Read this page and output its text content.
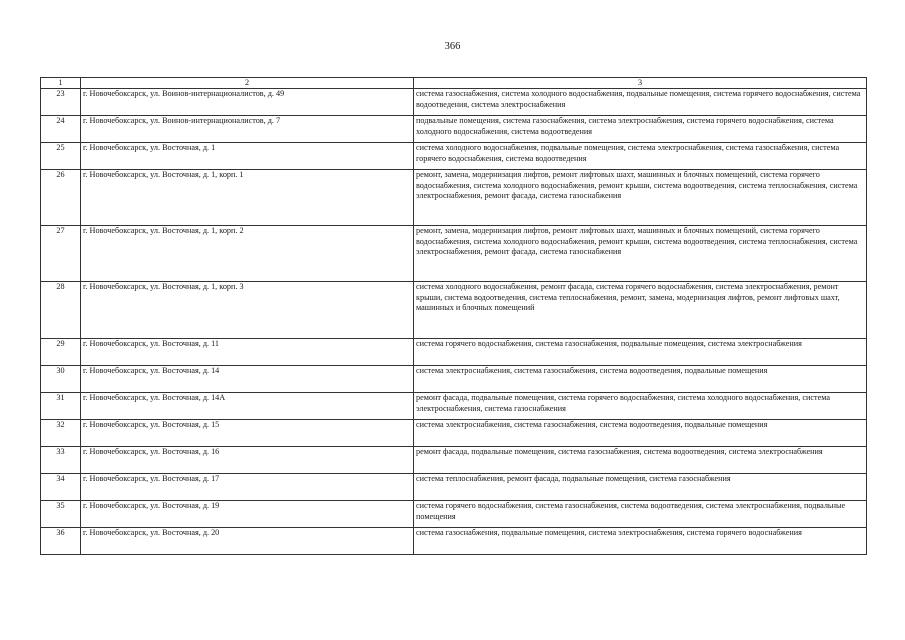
366
1	2	3
23	г. Новочебоксарск, ул. Воинов-интернационалистов, д. 49	система газоснабжения, система холодного водоснабжения, подвальные помещения, система горячего водоснабжения, система водоотведения, система электроснабжения
24	г. Новочебоксарск, ул. Воинов-интернационалистов, д. 7	подвальные помещения, система газоснабжения, система электроснабжения, система горячего водоснабжения, система холодного водоснабжения, система водоотведения
25	г. Новочебоксарск, ул. Восточная, д. 1	система холодного водоснабжения, подвальные помещения, система электроснабжения, система газоснабжения, система горячего водоснабжения, система водоотведения
26	г. Новочебоксарск, ул. Восточная, д. 1, корп. 1	ремонт, замена, модернизация лифтов, ремонт лифтовых шахт, машинных и блочных помещений, система горячего водоснабжения, система холодного водоснабжения, ремонт крыши, система водоотведения, система теплоснабжения, система электроснабжения, ремонт фасада, система газоснабжения
27	г. Новочебоксарск, ул. Восточная, д. 1, корп. 2	ремонт, замена, модернизация лифтов, ремонт лифтовых шахт, машинных и блочных помещений, система горячего водоснабжения, система холодного водоснабжения, ремонт крыши, система водоотведения, система теплоснабжения, система электроснабжения, ремонт фасада, система газоснабжения
28	г. Новочебоксарск, ул. Восточная, д. 1, корп. 3	система холодного водоснабжения, ремонт фасада, система горячего водоснабжения, система электроснабжения, ремонт крыши, система водоотведения, система теплоснабжения, ремонт, замена, модернизация лифтов, ремонт лифтовых шахт, машинных и блочных помещений
29	г. Новочебоксарск, ул. Восточная, д. 11	система горячего водоснабжения, система газоснабжения, подвальные помещения, система электроснабжения
30	г. Новочебоксарск, ул. Восточная, д. 14	система электроснабжения, система газоснабжения, система водоотведения, подвальные помещения
31	г. Новочебоксарск, ул. Восточная, д. 14А	ремонт фасада, подвальные помещения, система горячего водоснабжения, система холодного водоснабжения, система электроснабжения, система газоснабжения
32	г. Новочебоксарск, ул. Восточная, д. 15	система электроснабжения, система газоснабжения, система водоотведения, подвальные помещения
33	г. Новочебоксарск, ул. Восточная, д. 16	ремонт фасада, подвальные помещения, система газоснабжения, система водоотведения, система электроснабжения
34	г. Новочебоксарск, ул. Восточная, д. 17	система теплоснабжения, ремонт фасада, подвальные помещения, система газоснабжения
35	г. Новочебоксарск, ул. Восточная, д. 19	система горячего водоснабжения, система газоснабжения, система водоотведения, система электроснабжения, подвальные помещения
36	г. Новочебоксарск, ул. Восточная, д. 20	система газоснабжения, подвальные помещения, система электроснабжения, система горячего водоснабжения
